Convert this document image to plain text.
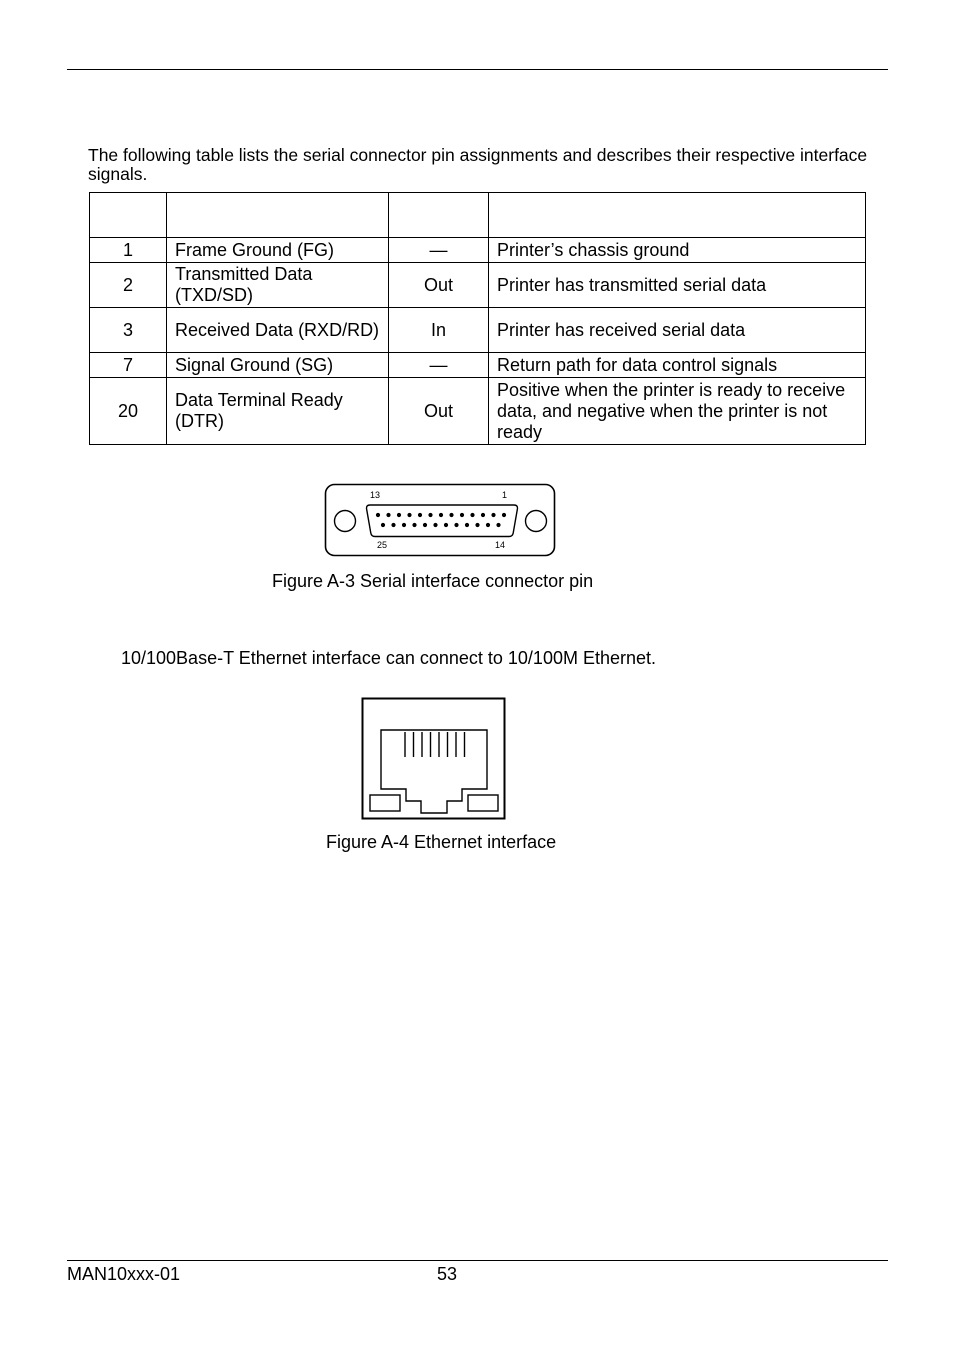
The following table lists the serial connector pin assignments and describes their respective interface signals.

1	Frame Ground (FG)	—	Printer’s chassis ground
2	Transmitted Data (TXD/SD)	Out	Printer has transmitted serial data
3	Received Data (RXD/RD)	In	Printer has received serial data
7	Signal Ground (SG)	—	Return path for data control signals
20	Data Terminal Ready (DTR)	Out	Positive when the printer is ready to receive data, and negative when the printer is not ready
13	1
25	14
Figure A-3 Serial interface connector pin
10/100Base-T Ethernet interface can connect to 10/100M Ethernet.
Figure A-4 Ethernet interface
MAN10xxx-01	53
